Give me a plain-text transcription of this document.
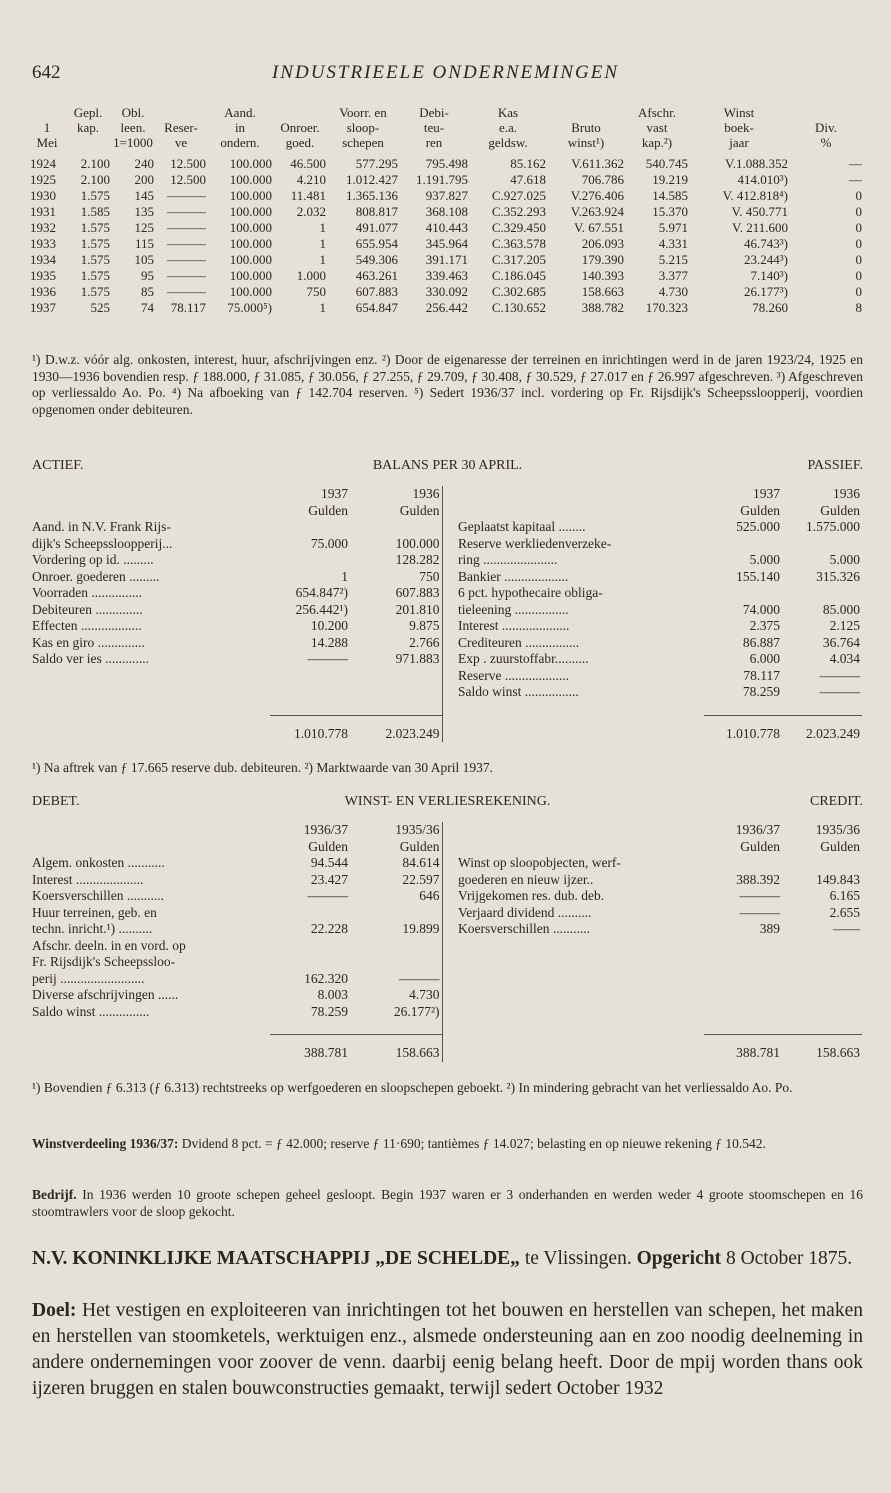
642	INDUSTRIEELE ONDERNEMINGEN
	Gepl.	Obl.		Aand.		Voorr. en	Debi-	Kas		Afschr.	Winst	
1	kap.	leen.	Reser-	in	Onroer.	sloop-	teu-	e.a.	Bruto	vast	boek-	Div.
Mei		1=1000	ve	ondern.	goed.	schepen	ren	geldsw.	winst¹)	kap.²)	jaar	%
1924	2.100	240	12.500	100.000	46.500	577.295	795.498	85.162	V.611.362	540.745	V.1.088.352	—
1925	2.100	200	12.500	100.000	4.210	1.012.427	1.191.795	47.618	706.786	19.219	414.010³)	—
1930	1.575	145	———	100.000	11.481	1.365.136	937.827	C.927.025	V.276.406	14.585	V. 412.818⁴)	0
1931	1.585	135	———	100.000	2.032	808.817	368.108	C.352.293	V.263.924	15.370	V. 450.771	0
1932	1.575	125	———	100.000	1	491.077	410.443	C.329.450	V. 67.551	5.971	V. 211.600	0
1933	1.575	115	———	100.000	1	655.954	345.964	C.363.578	206.093	4.331	46.743³)	0
1934	1.575	105	———	100.000	1	549.306	391.171	C.317.205	179.390	5.215	23.244³)	0
1935	1.575	95	———	100.000	1.000	463.261	339.463	C.186.045	140.393	3.377	7.140³)	0
1936	1.575	85	———	100.000	750	607.883	330.092	C.302.685	158.663	4.730	26.177³)	0
1937	525	74	78.117	75.000⁵)	1	654.847	256.442	C.130.652	388.782	170.323	78.260	8
¹) D.w.z. vóór alg. onkosten, interest, huur, afschrijvingen enz. ²) Door de eigenaresse der terreinen en inrichtingen werd in de jaren 1923/24, 1925 en 1930—1936 bovendien resp. ƒ 188.000, ƒ 31.085, ƒ 30.056, ƒ 27.255, ƒ 29.709, ƒ 30.408, ƒ 30.529, ƒ 27.017 en ƒ 26.997 afgeschreven. ³) Afgeschreven op verliessaldo Ao. Po. ⁴) Na afboeking van ƒ 142.704 reserven. ⁵) Sedert 1936/37 incl. vordering op Fr. Rijsdijk's Scheepssloopperij, voordien opgenomen onder debiteuren.
ACTIEF.	BALANS PER 30 APRIL.	PASSIEF.
	1937	1936			1937	1936
	Gulden	Gulden			Gulden	Gulden
Aand. in N.V. Frank Rijs-				Geplaatst kapitaal ........	525.000	1.575.000
dijk's Scheepssloopperij...	75.000	100.000		Reserve werkliedenverzeke-		
Vordering op id. .........		128.282		ring ......................	5.000	5.000
Onroer. goederen .........	1	750		Bankier ...................	155.140	315.326
Voorraden ...............	654.847²)	607.883		6 pct. hypothecaire obliga-		
Debiteuren ..............	256.442¹)	201.810		tieleening ................	74.000	85.000
Effecten ..................	10.200	9.875		Interest ....................	2.375	2.125
Kas en giro ..............	14.288	2.766		Crediteuren ................	86.887	36.764
Saldo ver ies .............	———	971.883		Exp . zuurstoffabr..........	6.000	4.034
				Reserve ...................	78.117	———
				Saldo winst ................	78.259	———

	1.010.778	2.023.249			1.010.778	2.023.249
¹) Na aftrek van ƒ 17.665 reserve dub. debiteuren. ²) Marktwaarde van 30 April 1937.
DEBET.	WINST- EN VERLIESREKENING.	CREDIT.
	1936/37	1935/36			1936/37	1935/36
	Gulden	Gulden			Gulden	Gulden
Algem. onkosten ...........	94.544	84.614		Winst op sloopobjecten, werf-		
Interest ....................	23.427	22.597		goederen en nieuw ijzer..	388.392	149.843
Koersverschillen ...........	———	646		Vrijgekomen res. dub. deb.	———	6.165
Huur terreinen, geb. en				Verjaard dividend ..........	———	2.655
techn. inricht.¹) ..........	22.228	19.899		Koersverschillen ...........	389	——
Afschr. deeln. in en vord. op						
Fr. Rijsdijk's Scheepssloo-						
perij .........................	162.320	———				
Diverse afschrijvingen ......	8.003	4.730				
Saldo winst ...............	78.259	26.177²)				

	388.781	158.663			388.781	158.663
¹) Bovendien ƒ 6.313 (ƒ 6.313) rechtstreeks op werfgoederen en sloopschepen geboekt. ²) In mindering gebracht van het verliessaldo Ao. Po.
Winstverdeeling 1936/37: Dvidend 8 pct. = ƒ 42.000; reserve ƒ 11·690; tantièmes ƒ 14.027; belasting en op nieuwe rekening ƒ 10.542.
Bedrijf. In 1936 werden 10 groote schepen geheel gesloopt. Begin 1937 waren er 3 onderhanden en werden weder 4 groote stoomschepen en 16 stoomtrawlers voor de sloop gekocht.
N.V. KONINKLIJKE MAATSCHAPPIJ „DE SCHELDE„ te Vlissingen. Opgericht 8 October 1875.
Doel: Het vestigen en exploiteeren van inrichtingen tot het bouwen en herstellen van schepen, het maken en herstellen van stoomketels, werktuigen enz., alsmede ondersteuning aan en zoo noodig deelneming in andere ondernemingen voor zoover de venn. daarbij eenig belang heeft. Door de mpij worden thans ook ijzeren bruggen en stalen bouwconstructies gemaakt, terwijl sedert October 1932
